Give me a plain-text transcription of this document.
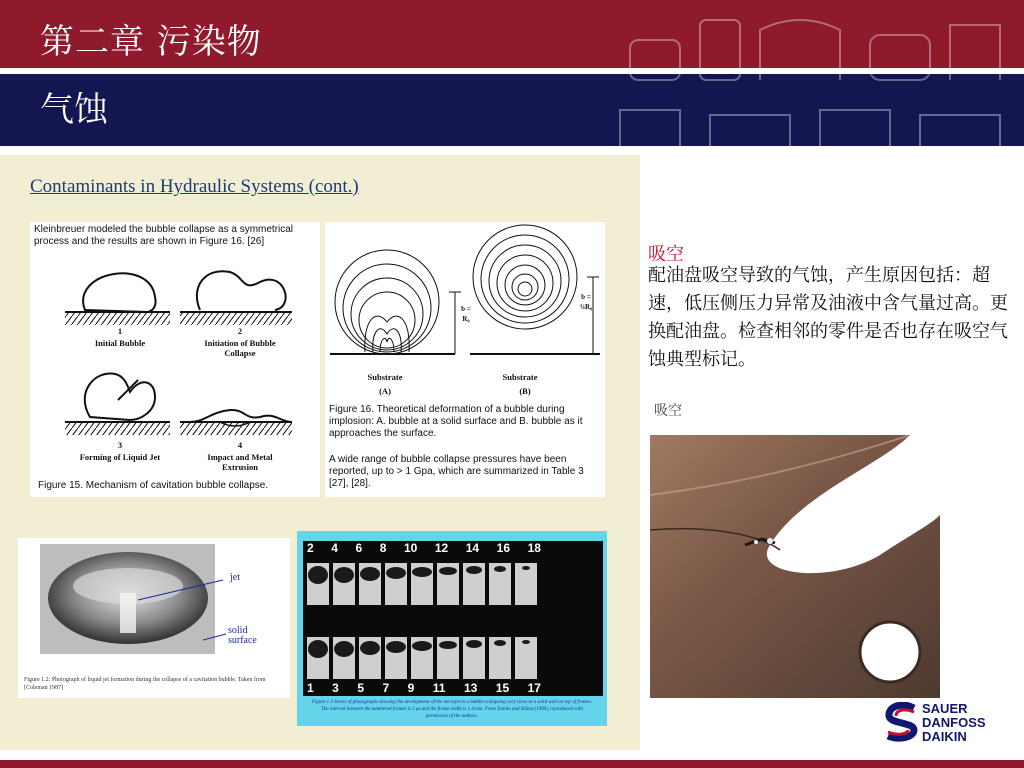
第二章 污染物
气蚀
Contaminants in Hydraulic Systems (cont.)
Kleinbreuer modeled the bubble collapse as a symmetrical process and the results are shown in Figure 16. [26]
1
Initial Bubble
2
Initiation of Bubble Collapse
3
Forming of Liquid Jet
4
Impact and Metal Extrusion
Figure 15. Mechanism of cavitation bubble collapse.
b = R₀
b = ¾R₀
Substrate	Substrate
(A)	(B)
Figure 16. Theoretical deformation of a bubble during implosion: A. bubble at a solid surface and B. bubble as it approaches the surface.
A wide range of bubble collapse pressures have been reported, up to > 1 Gpa, which are summarized in Table 3 [27], [28].
jet
solid surface
Figure 1.2: Photograph of liquid jet formation during the collapse of a cavitation bubble. Taken from [Coleman 1987]
2 4 6 8 10 12 14 16 18
1 3 5 7 9 11 13 15 17
Figure 1.3 Series of photographs showing the development of the microjet in a bubble collapsing very close to a solid wall on top of frames. The interval between the numbered frames is 2 μs and the frame width is 1.4 mm. From Tomita and Shima (1990), reproduced with permission of the authors.
吸空
配油盘吸空导致的气蚀，产生原因包括：超速，低压侧压力异常及油液中含气量过高。更换配油盘。检查相邻的零件是否也存在吸空气蚀典型标记。
吸空
SAUER
DANFOSS
DAIKIN
